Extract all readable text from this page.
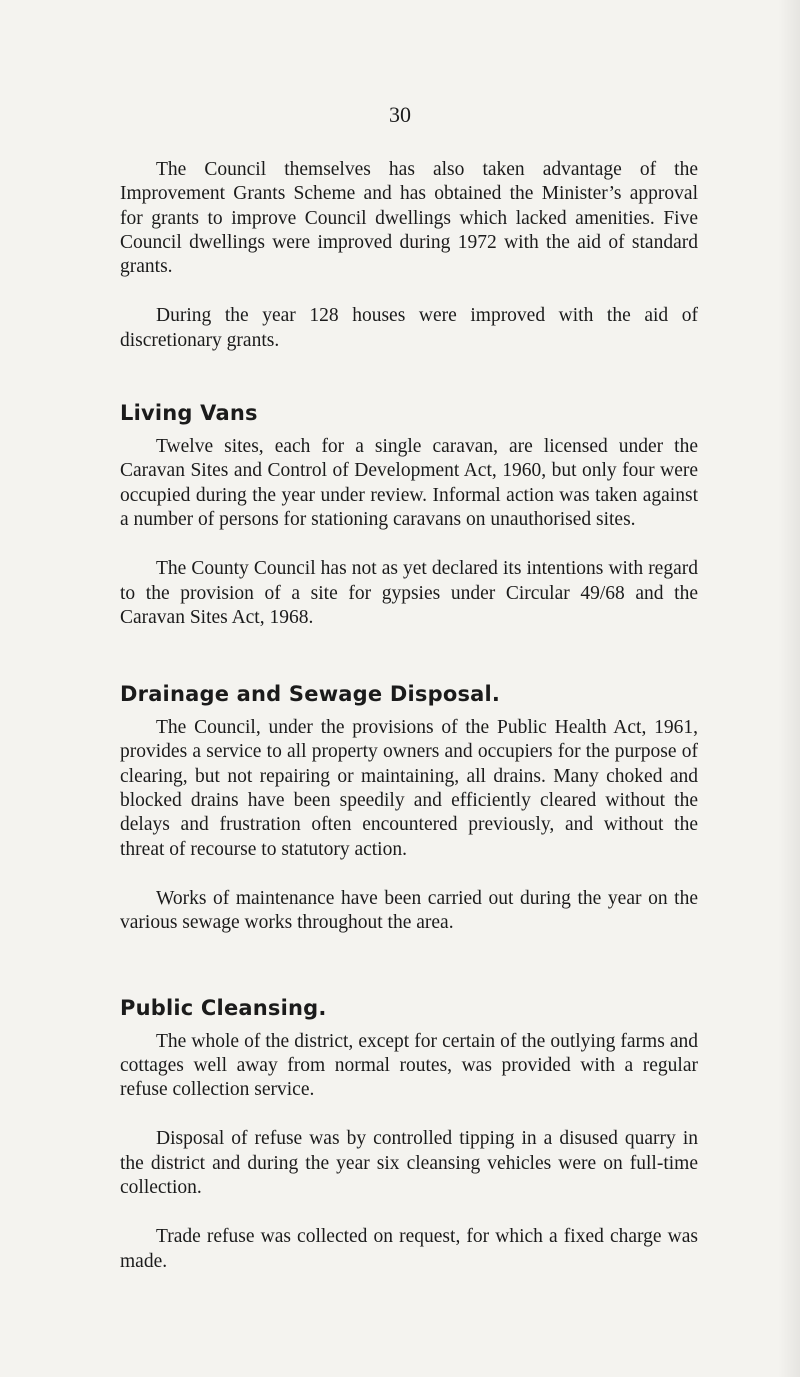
30

The Council themselves has also taken advantage of the Improvement Grants Scheme and has obtained the Minister’s approval for grants to improve Council dwellings which lacked amenities. Five Council dwellings were improved during 1972 with the aid of standard grants.

During the year 128 houses were improved with the aid of discretionary grants.

Living Vans

Twelve sites, each for a single caravan, are licensed under the Caravan Sites and Control of Development Act, 1960, but only four were occupied during the year under review. Informal action was taken against a number of persons for stationing caravans on unauthorised sites.

The County Council has not as yet declared its intentions with regard to the provision of a site for gypsies under Circular 49/68 and the Caravan Sites Act, 1968.

Drainage and Sewage Disposal.

The Council, under the provisions of the Public Health Act, 1961, provides a service to all property owners and occupiers for the purpose of clearing, but not repairing or maintaining, all drains. Many choked and blocked drains have been speedily and efficiently cleared without the delays and frustration often encountered previously, and without the threat of recourse to statutory action.

Works of maintenance have been carried out during the year on the various sewage works throughout the area.

Public Cleansing.

The whole of the district, except for certain of the outlying farms and cottages well away from normal routes, was provided with a regular refuse collection service.

Disposal of refuse was by controlled tipping in a disused quarry in the district and during the year six cleansing vehicles were on full-time collection.

Trade refuse was collected on request, for which a fixed charge was made.
